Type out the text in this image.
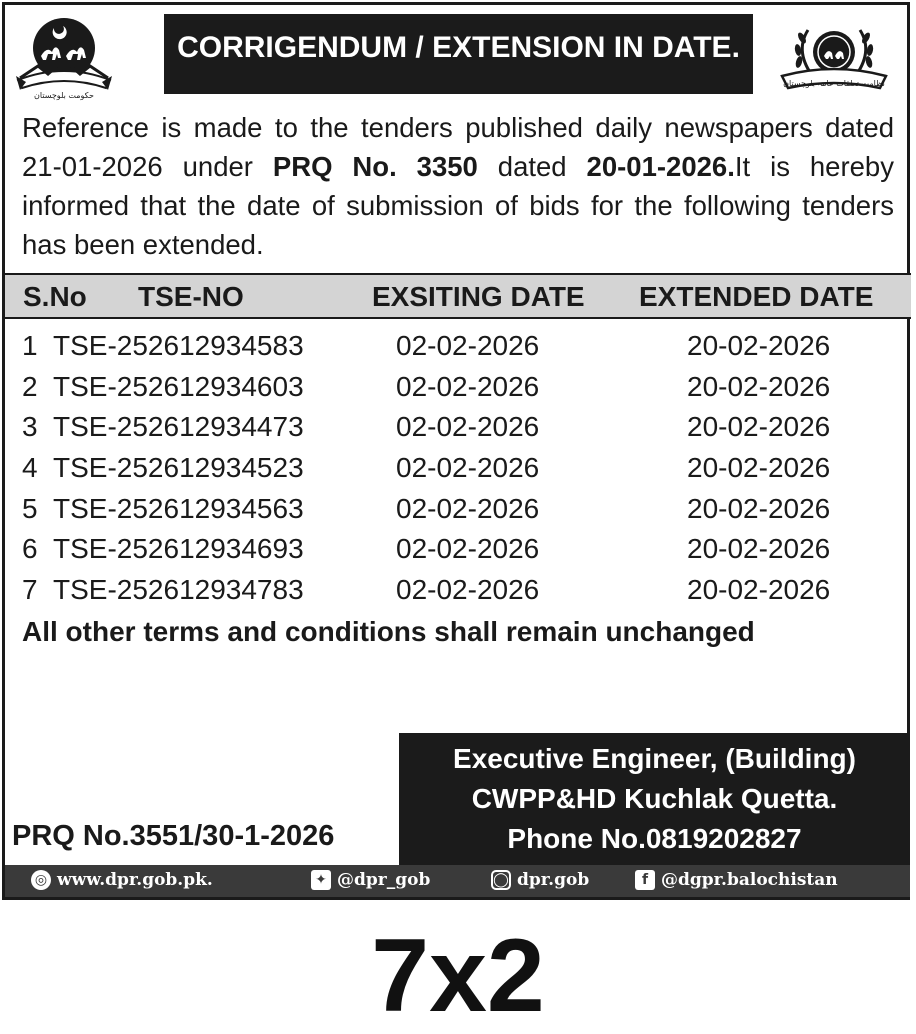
حکومت بلوچستان
CORRIGENDUM / EXTENSION IN DATE.
نظامت تعلقات عامہ بلوچستان
Reference is made to the tenders published daily newspapers dated 21-01-2026 under PRQ No. 3350 dated 20-01-2026.It is hereby informed that the date of submission of bids for the following tenders has been extended.
S.No TSE-NO	EXSITING DATE EXTENDED DATE
1 TSE-252612934583	02-02-2026	20-02-2026
2 TSE-252612934603	02-02-2026	20-02-2026
3 TSE-252612934473	02-02-2026	20-02-2026
4 TSE-252612934523	02-02-2026	20-02-2026
5 TSE-252612934563	02-02-2026	20-02-2026
6 TSE-252612934693	02-02-2026	20-02-2026
7 TSE-252612934783	02-02-2026	20-02-2026
All other terms and conditions shall remain unchanged
Executive Engineer, (Building)
CWPP&HD Kuchlak Quetta.
Phone No.0819202827
PRQ No.3551/30-1-2026
◎ www.dpr.gob.pk.	✦ @dpr_gob	◯ dpr.gob	f @dgpr.balochistan
7x2
